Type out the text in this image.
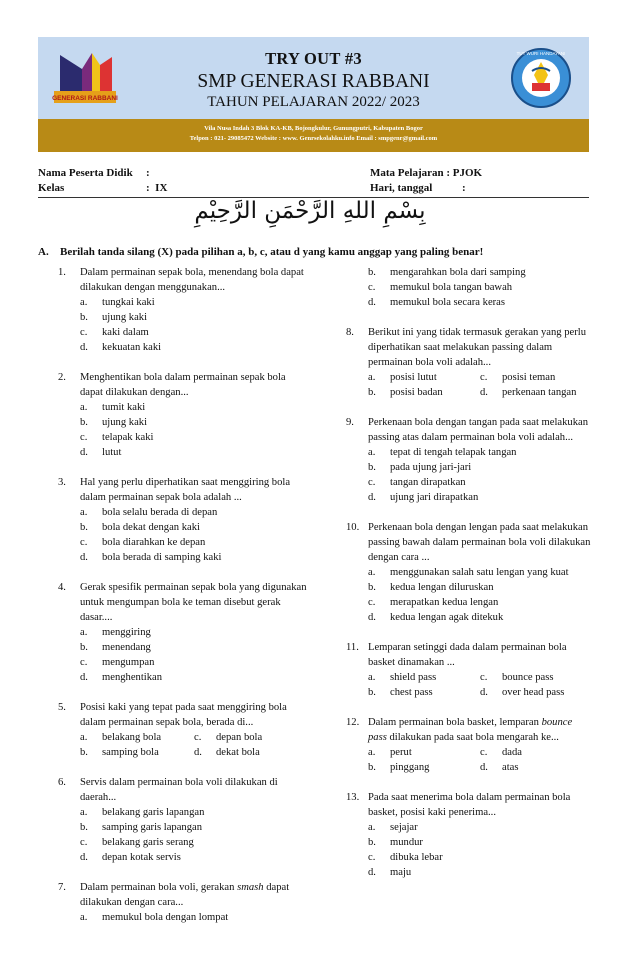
GENERASI RABBANI
TRY OUT #3
SMP GENERASI RABBANI
TAHUN PELAJARAN 2022/ 2023
TUT WURI HANDAYANI
Vila Nusa Indah 3 Blok KA-KB, Bojongkulur, Gunungputri, Kabupaten Bogor
Telpon : 021- 29085472 Website : www. Genrsekolahku.info Email : smpgenr@gmail.com
Nama Peserta Didik	:
Kelas	:  IX
Mata Pelajaran : PJOK
Hari, tanggal	:
بِسْمِ اللهِ الرَّحْمَنِ الرَّحِيْمِ
A. Berilah tanda silang (X) pada pilihan a, b, c, atau d yang kamu anggap yang paling benar!
1.	Dalam permainan sepak bola, menendang bola dapat dilakukan dengan menggunakan...
a.	tungkai kaki
b.	ujung kaki
c.	kaki dalam
d.	kekuatan kaki
2.	Menghentikan bola dalam permainan sepak bola dapat dilakukan dengan...
a.	tumit kaki
b.	ujung kaki
c.	telapak kaki
d.	lutut
3.	Hal yang perlu diperhatikan saat menggiring bola dalam permainan sepak bola adalah ...
a.	bola selalu berada di depan
b.	bola dekat dengan kaki
c.	bola diarahkan ke depan
d.	bola berada di samping kaki
4.	Gerak spesifik permainan sepak bola yang digunakan untuk mengumpan bola ke teman disebut gerak dasar....
a.	menggiring
b.	menendang
c.	mengumpan
d.	menghentikan
5.	Posisi kaki yang tepat pada saat menggiring bola dalam permainan sepak bola, berada di...
a.	belakang bola	c.	depan bola
b.	samping bola	d.	dekat bola
6.	Servis dalam permainan bola voli dilakukan di daerah...
a.	belakang garis lapangan
b.	samping garis lapangan
c.	belakang garis serang
d.	depan kotak servis
7.	Dalam permainan bola voli, gerakan smash dapat dilakukan dengan cara...
a.	memukul bola dengan lompat
b.	mengarahkan bola dari samping
c.	memukul bola tangan bawah
d.	memukul bola secara keras
8.	Berikut ini yang tidak termasuk gerakan yang perlu diperhatikan saat melakukan passing dalam permainan bola voli adalah...
a.	posisi lutut	c.	posisi teman
b.	posisi badan	d.	perkenaan tangan
9.	Perkenaan bola dengan tangan pada saat melakukan passing atas dalam permainan bola voli adalah...
a.	tepat di tengah telapak tangan
b.	pada ujung jari-jari
c.	tangan dirapatkan
d.	ujung jari dirapatkan
10. Perkenaan bola dengan lengan pada saat melakukan passing bawah dalam permainan bola voli dilakukan dengan cara ...
a.	menggunakan salah satu lengan yang kuat
b.	kedua lengan diluruskan
c.	merapatkan kedua lengan
d.	kedua lengan agak ditekuk
11. Lemparan setinggi dada dalam permainan bola basket dinamakan ...
a.	shield pass	c.	bounce pass
b.	chest pass	d.	over head pass
12. Dalam permainan bola basket, lemparan bounce pass dilakukan pada saat bola mengarah ke...
a.	perut	c.	dada
b.	pinggang	d.	atas
13. Pada saat menerima bola dalam permainan bola basket, posisi kaki penerima...
a.	sejajar
b.	mundur
c.	dibuka lebar
d.	maju
